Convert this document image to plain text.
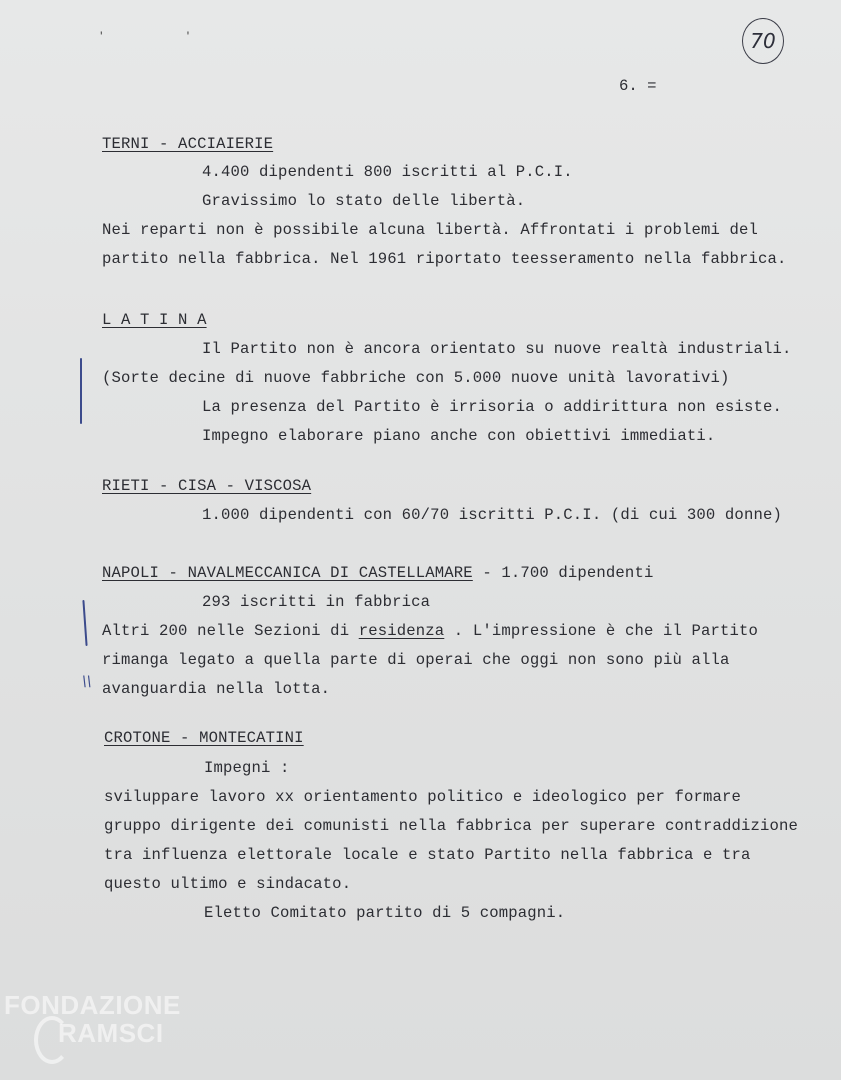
' '	70
6. =
TERNI - ACCIAIERIE
4.400 dipendenti 800 iscritti al P.C.I.
Gravissimo lo stato delle libertà.
Nei reparti non è possibile alcuna libertà. Affrontati i problemi del
partito nella fabbrica. Nel 1961 riportato teesseramento nella fabbrica.
L A T I N A
Il Partito non è ancora orientato su nuove realtà industriali.
(Sorte decine di nuove fabbriche con 5.000 nuove unità lavorativi)
La presenza del Partito è irrisoria o addirittura non esiste.
Impegno elaborare piano anche con obiettivi immediati.
RIETI - CISA - VISCOSA
1.000 dipendenti con 60/70 iscritti P.C.I. (di cui 300 donne)
NAPOLI - NAVALMECCANICA DI CASTELLAMARE - 1.700 dipendenti
293 iscritti in fabbrica
Altri 200 nelle Sezioni di residenza . L'impressione è che il Partito
rimanga legato a quella parte di operai che oggi non sono più alla
avanguardia nella lotta.
\\
CROTONE - MONTECATINI
Impegni :
sviluppare lavoro xx orientamento politico e ideologico per formare
gruppo dirigente dei comunisti nella fabbrica per superare contraddizione
tra influenza elettorale locale e stato Partito nella fabbrica e tra
questo ultimo e sindacato.
Eletto Comitato partito di 5 compagni.
FONDAZIONE
RAMSCI
